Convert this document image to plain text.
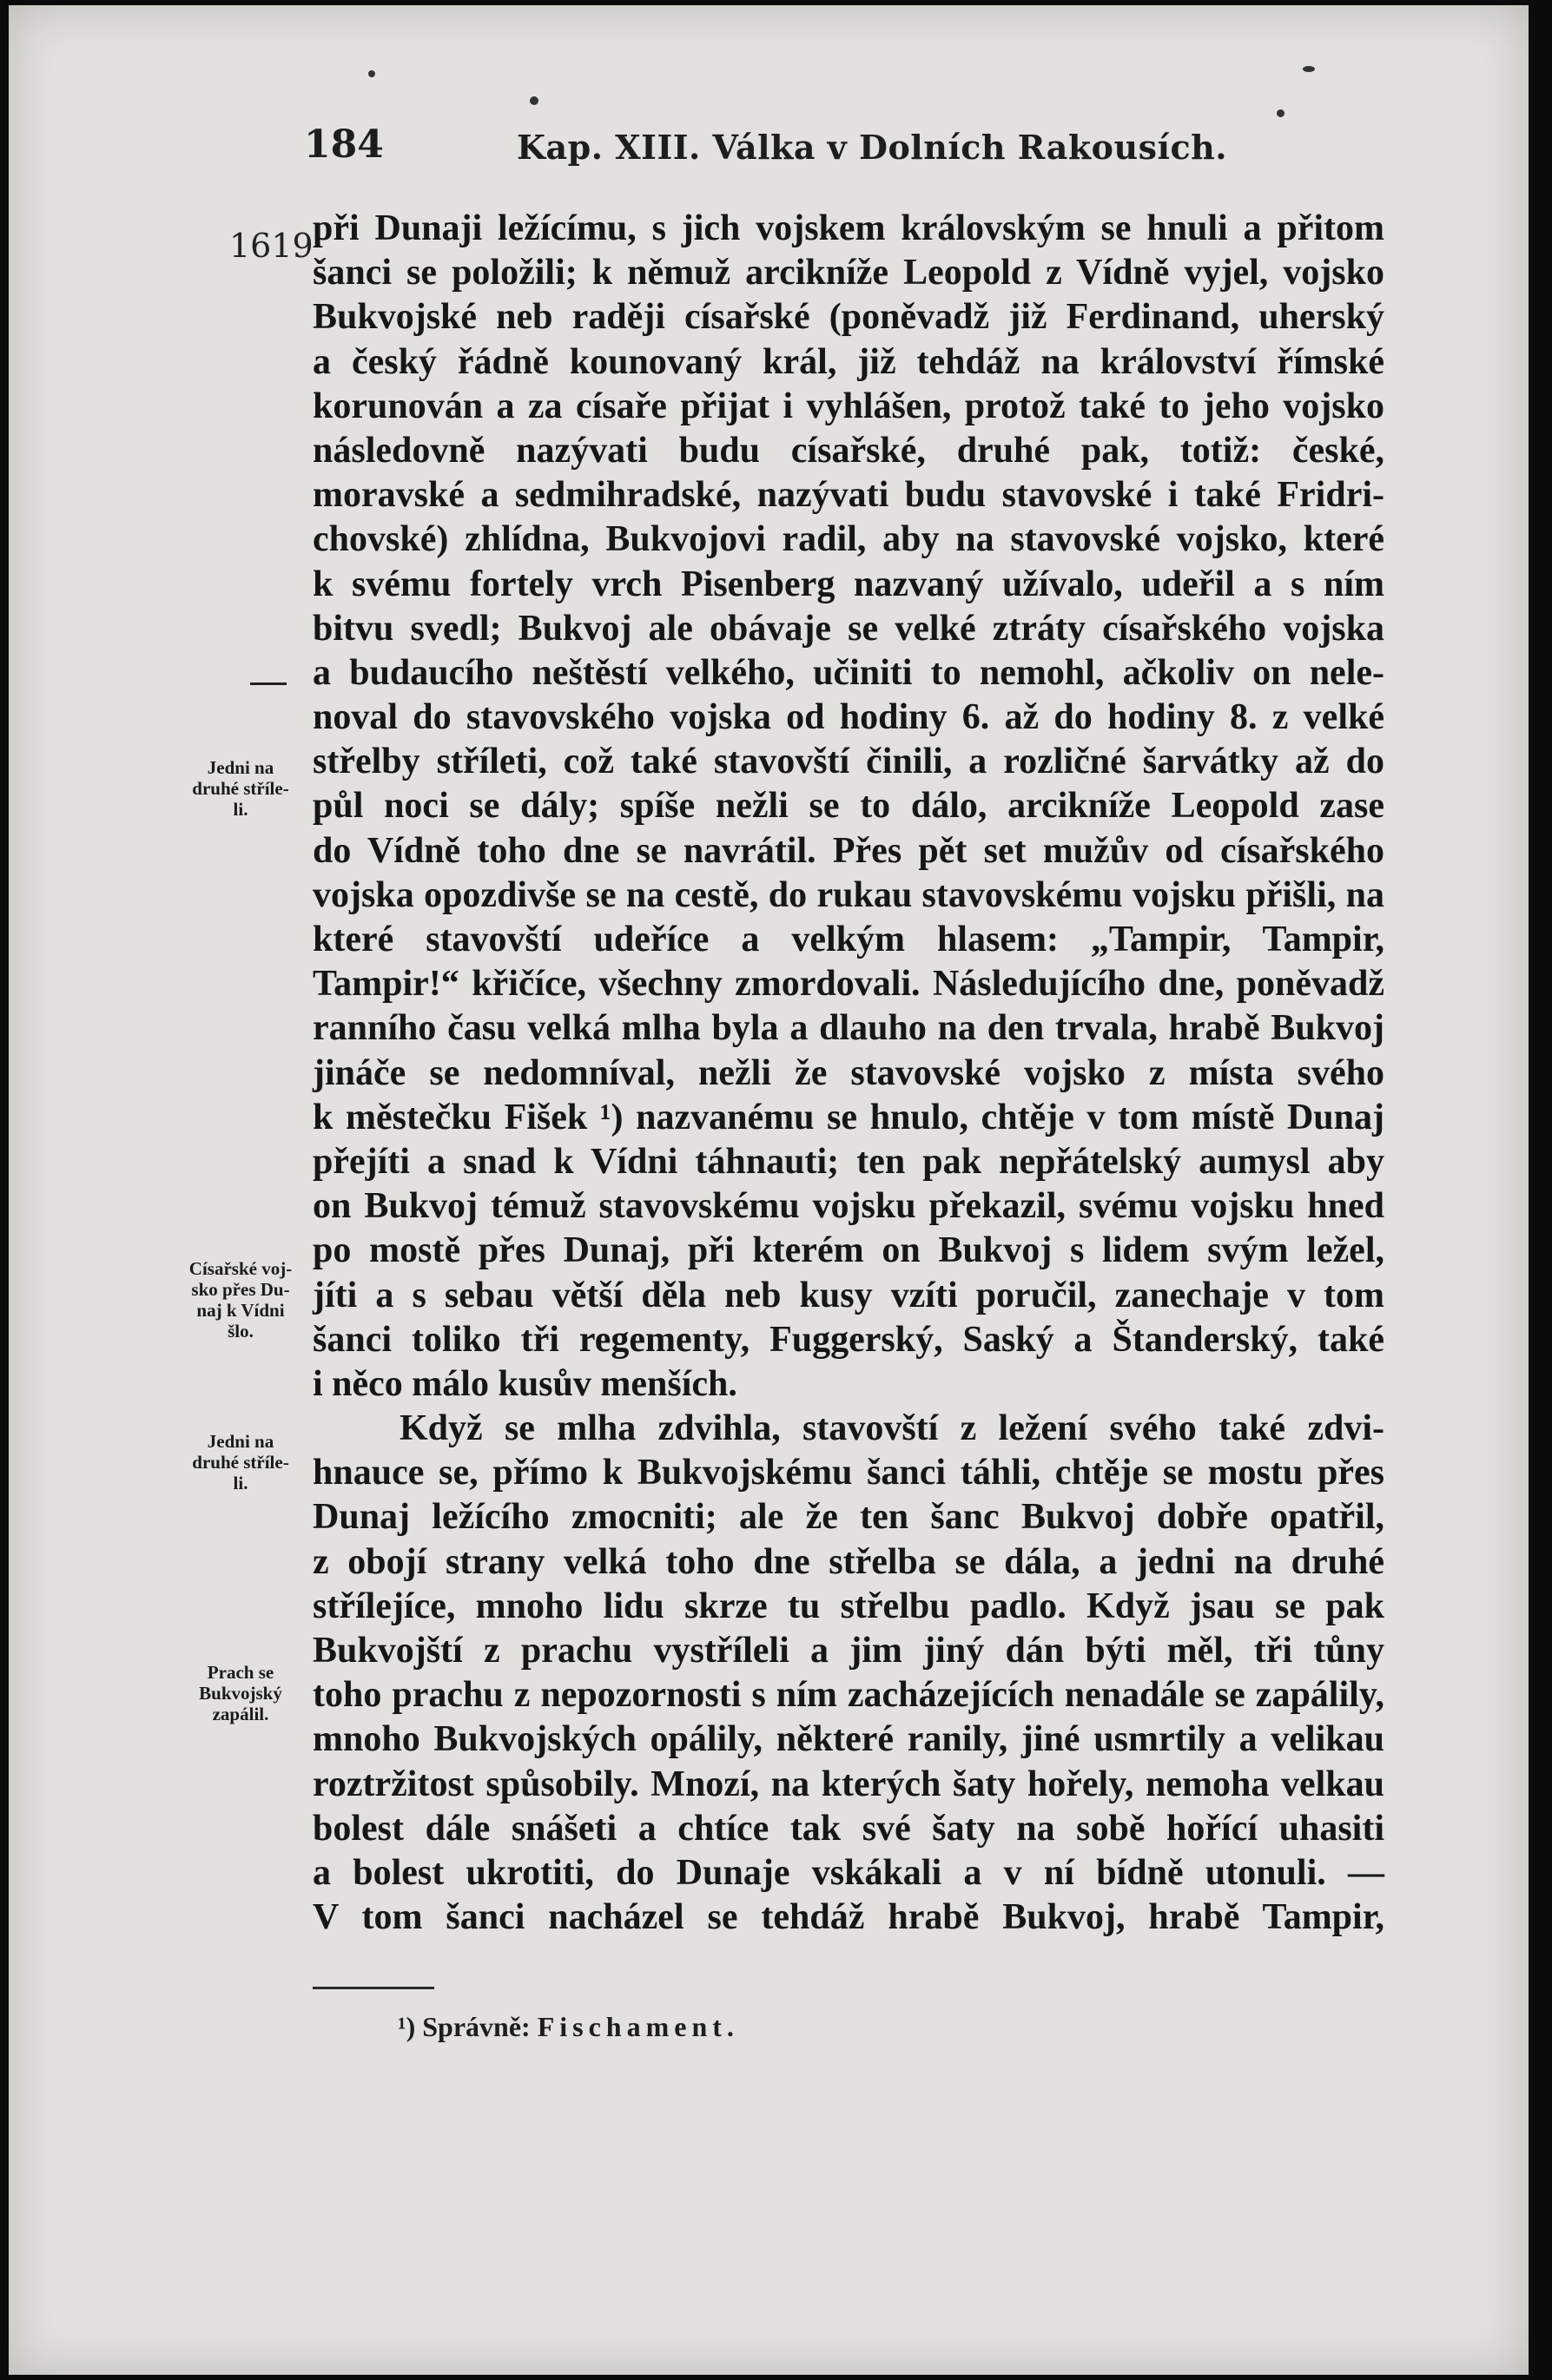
184	Kap. XIII. Válka v Dolních Rakousích.
1619 při Dunaji ležícímu, s jich vojskem královským se hnuli a přitom
šanci se položili; k němuž arcikníže Leopold z Vídně vyjel, vojsko
Bukvojské neb raději císařské (poněvadž již Ferdinand, uherský
a český řádně kounovaný král, již tehdáž na království římské
korunován a za císaře přijat i vyhlášen, protož také to jeho vojsko
následovně nazývati budu císařské, druhé pak, totiž: české,
moravské a sedmihradské, nazývati budu stavovské i také Fridri-
chovské) zhlídna, Bukvojovi radil, aby na stavovské vojsko, které
k svému fortely vrch Pisenberg nazvaný užívalo, udeřil a s ním
bitvu svedl; Bukvoj ale obávaje se velké ztráty císařského vojska
a budaucího neštěstí velkého, učiniti to nemohl, ačkoliv on nele-
noval do stavovského vojska od hodiny 6. až do hodiny 8. z velké
střelby stříleti, což také stavovští činili, a rozličné šarvátky až do
půl noci se dály; spíše nežli se to dálo, arcikníže Leopold zase
do Vídně toho dne se navrátil. Přes pět set mužův od císařského
vojska opozdivše se na cestě, do rukau stavovskému vojsku přišli, na
které stavovští udeříce a velkým hlasem: „Tampir, Tampir,
Tampir!“ křičíce, všechny zmordovali. Následujícího dne, poněvadž
ranního času velká mlha byla a dlauho na den trvala, hrabě Bukvoj
jináče se nedomníval, nežli že stavovské vojsko z místa svého
k městečku Fišek ¹) nazvanému se hnulo, chtěje v tom místě Dunaj
přejíti a snad k Vídni táhnauti; ten pak nepřátelský aumysl aby
on Bukvoj témuž stavovskému vojsku překazil, svému vojsku hned
po mostě přes Dunaj, při kterém on Bukvoj s lidem svým ležel,
jíti a s sebau větší děla neb kusy vzíti poručil, zanechaje v tom
šanci toliko tři regementy, Fuggerský, Saský a Štanderský, také
i něco málo kusův menších.
Když se mlha zdvihla, stavovští z ležení svého také zdvi-
hnauce se, přímo k Bukvojskému šanci táhli, chtěje se mostu přes
Dunaj ležícího zmocniti; ale že ten šanc Bukvoj dobře opatřil,
z obojí strany velká toho dne střelba se dála, a jedni na druhé
střílejíce, mnoho lidu skrze tu střelbu padlo. Když jsau se pak
Bukvojští z prachu vystříleli a jim jiný dán býti měl, tři tůny
toho prachu z nepozornosti s ním zacházejících nenadále se zapálily,
mnoho Bukvojských opálily, některé ranily, jiné usmrtily a velikau
roztržitost spůsobily. Mnozí, na kterých šaty hořely, nemoha velkau
bolest dále snášeti a chtíce tak své šaty na sobě hořící uhasiti
a bolest ukrotiti, do Dunaje vskákali a v ní bídně utonuli. —
V tom šanci nacházel se tehdáž hrabě Bukvoj, hrabě Tampir,
Jedni na
druhé stříle-
li.
Císařské voj-
sko přes Du-
naj k Vídni
šlo.
Jedni na
druhé stříle-
li.
Prach se
Bukvojský
zapálil.
¹) Správně: Fischament.
